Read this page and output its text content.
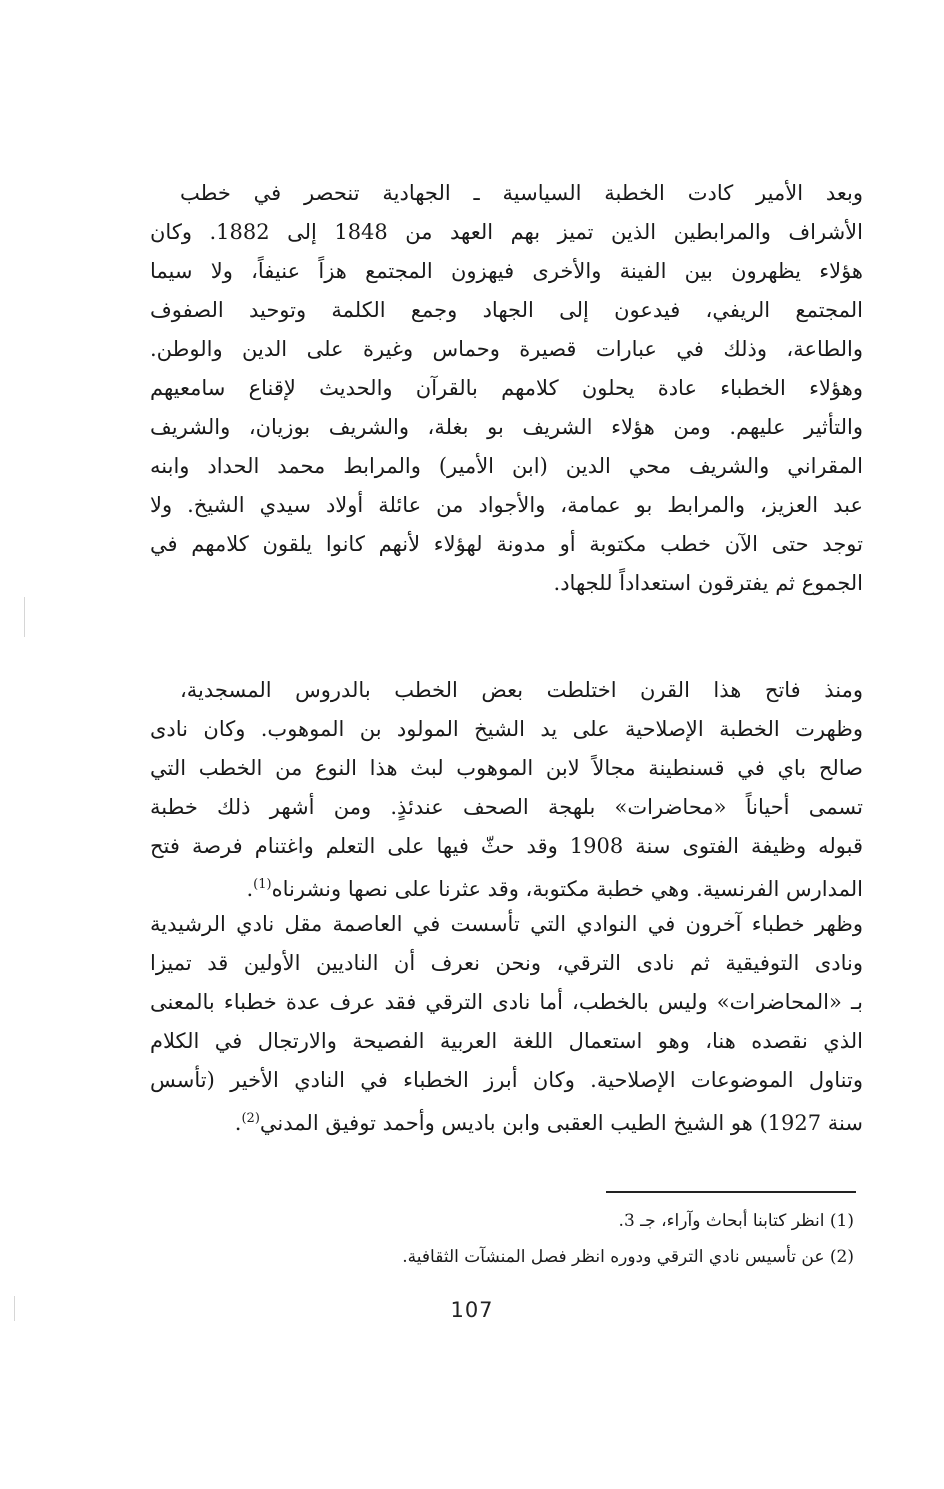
وبعد الأمير كادت الخطبة السياسية ـ الجهادية تنحصر في خطب
الأشراف والمرابطين الذين تميز بهم العهد من 1848 إلى 1882. وكان
هؤلاء يظهرون بين الفينة والأخرى فيهزون المجتمع هزاً عنيفاً، ولا سيما
المجتمع الريفي، فيدعون إلى الجهاد وجمع الكلمة وتوحيد الصفوف
والطاعة، وذلك في عبارات قصيرة وحماس وغيرة على الدين والوطن.
وهؤلاء الخطباء عادة يحلون كلامهم بالقرآن والحديث لإقناع سامعيهم
والتأثير عليهم. ومن هؤلاء الشريف بو بغلة، والشريف بوزيان، والشريف
المقراني والشريف محي الدين (ابن الأمير) والمرابط محمد الحداد وابنه
عبد العزيز، والمرابط بو عمامة، والأجواد من عائلة أولاد سيدي الشيخ. ولا
توجد حتى الآن خطب مكتوبة أو مدونة لهؤلاء لأنهم كانوا يلقون كلامهم في
الجموع ثم يفترقون استعداداً للجهاد.
ومنذ فاتح هذا القرن اختلطت بعض الخطب بالدروس المسجدية،
وظهرت الخطبة الإصلاحية على يد الشيخ المولود بن الموهوب. وكان نادى
صالح باي في قسنطينة مجالاً لابن الموهوب لبث هذا النوع من الخطب التي
تسمى أحياناً «محاضرات» بلهجة الصحف عندئذٍ. ومن أشهر ذلك خطبة
قبوله وظيفة الفتوى سنة 1908 وقد حثّ فيها على التعلم واغتنام فرصة فتح
المدارس الفرنسية. وهي خطبة مكتوبة، وقد عثرنا على نصها ونشرناه$^{(1)}$.
وظهر خطباء آخرون في النوادي التي تأسست في العاصمة مقل نادي الرشيدية
ونادى التوفيقية ثم نادى الترقي، ونحن نعرف أن الناديين الأولين قد تميزا
بـ «المحاضرات» وليس بالخطب، أما نادى الترقي فقد عرف عدة خطباء بالمعنى
الذي نقصده هنا، وهو استعمال اللغة العربية الفصيحة والارتجال في الكلام
وتناول الموضوعات الإصلاحية. وكان أبرز الخطباء في النادي الأخير (تأسس
سنة 1927) هو الشيخ الطيب العقبى وابن باديس وأحمد توفيق المدني$^{(2)}$.
(1) انظر كتابنا أبحاث وآراء، جـ 3.
(2) عن تأسيس نادي الترقي ودوره انظر فصل المنشآت الثقافية.
107
